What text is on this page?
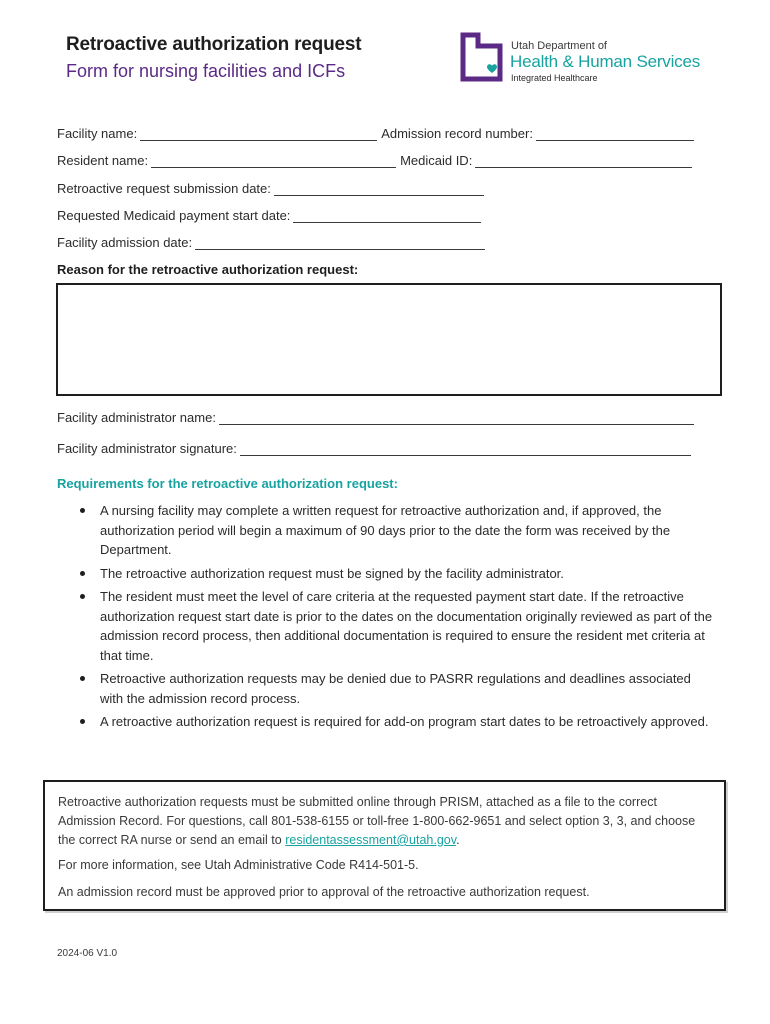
Retroactive authorization request
Form for nursing facilities and ICFs
Utah Department of
Health & Human Services
Integrated Healthcare
Facility name:	Admission record number:
Resident name:	Medicaid ID:
Retroactive request submission date:
Requested Medicaid payment start date:
Facility admission date:
Reason for the retroactive authorization request:
Facility administrator name:
Facility administrator signature:
Requirements for the retroactive authorization request:
A nursing facility may complete a written request for retroactive authorization and, if approved, the authorization period will begin a maximum of 90 days prior to the date the form was received by the Department.
The retroactive authorization request must be signed by the facility administrator.
The resident must meet the level of care criteria at the requested payment start date. If the retroactive authorization request start date is prior to the dates on the documentation originally reviewed as part of the admission record process, then additional documentation is required to ensure the resident met criteria at that time.
Retroactive authorization requests may be denied due to PASRR regulations and deadlines associated with the admission record process.
A retroactive authorization request is required for add-on program start dates to be retroactively approved.

Retroactive authorization requests must be submitted online through PRISM, attached as a file to the correct Admission Record. For questions, call 801-538-6155 or toll-free 1-800-662-9651 and select option 3, 3, and choose the correct RA nurse or send an email to residentassessment@utah.gov.

For more information, see Utah Administrative Code R414-501-5.

An admission record must be approved prior to approval of the retroactive authorization request.

2024-06 V1.0
